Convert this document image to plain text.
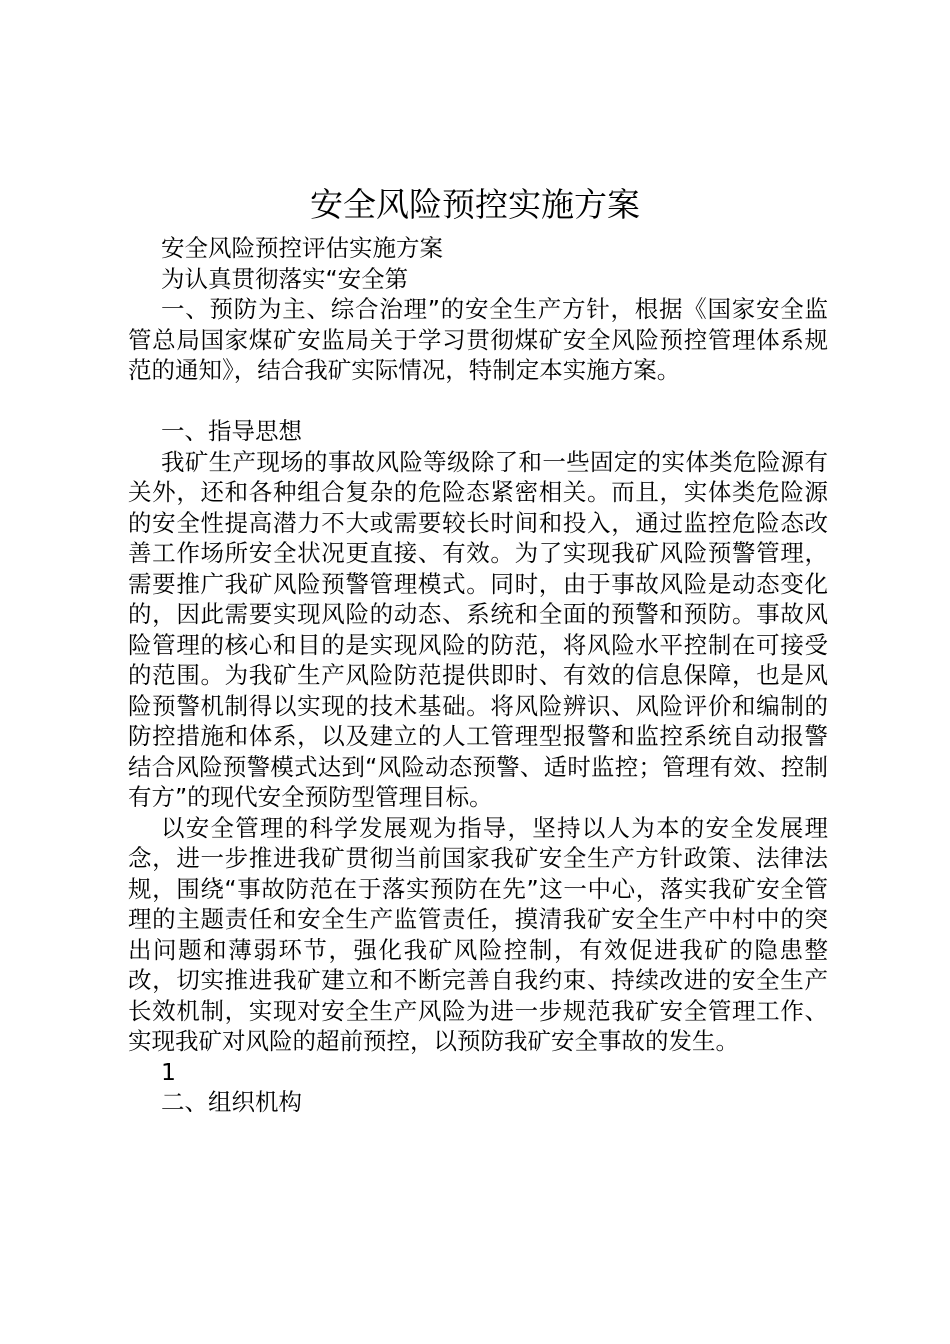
安全风险预控实施方案

安全风险预控评估实施方案

为认真贯彻落实“安全第

一、预防为主、综合治理”的安全生产方针，根据《国家安全监管总局国家煤矿安监局关于学习贯彻煤矿安全风险预控管理体系规范的通知》，结合我矿实际情况，特制定本实施方案。

一、指导思想

我矿生产现场的事故风险等级除了和一些固定的实体类危险源有关外，还和各种组合复杂的危险态紧密相关。而且，实体类危险源的安全性提高潜力不大或需要较长时间和投入，通过监控危险态改善工作场所安全状况更直接、有效。为了实现我矿风险预警管理，需要推广我矿风险预警管理模式。同时，由于事故风险是动态变化的，因此需要实现风险的动态、系统和全面的预警和预防。事故风险管理的核心和目的是实现风险的防范，将风险水平控制在可接受的范围。为我矿生产风险防范提供即时、有效的信息保障，也是风险预警机制得以实现的技术基础。将风险辨识、风险评价和编制的防控措施和体系，以及建立的人工管理型报警和监控系统自动报警结合风险预警模式达到“风险动态预警、适时监控；管理有效、控制有方”的现代安全预防型管理目标。

以安全管理的科学发展观为指导，坚持以人为本的安全发展理念，进一步推进我矿贯彻当前国家我矿安全生产方针政策、法律法规，围绕“事故防范在于落实预防在先”这一中心，落实我矿安全管理的主题责任和安全生产监管责任，摸清我矿安全生产中村中的突出问题和薄弱环节，强化我矿风险控制，有效促进我矿的隐患整改，切实推进我矿建立和不断完善自我约束、持续改进的安全生产长效机制，实现对安全生产风险为进一步规范我矿安全管理工作、实现我矿对风险的超前预控，以预防我矿安全事故的发生。

1

二、组织机构
